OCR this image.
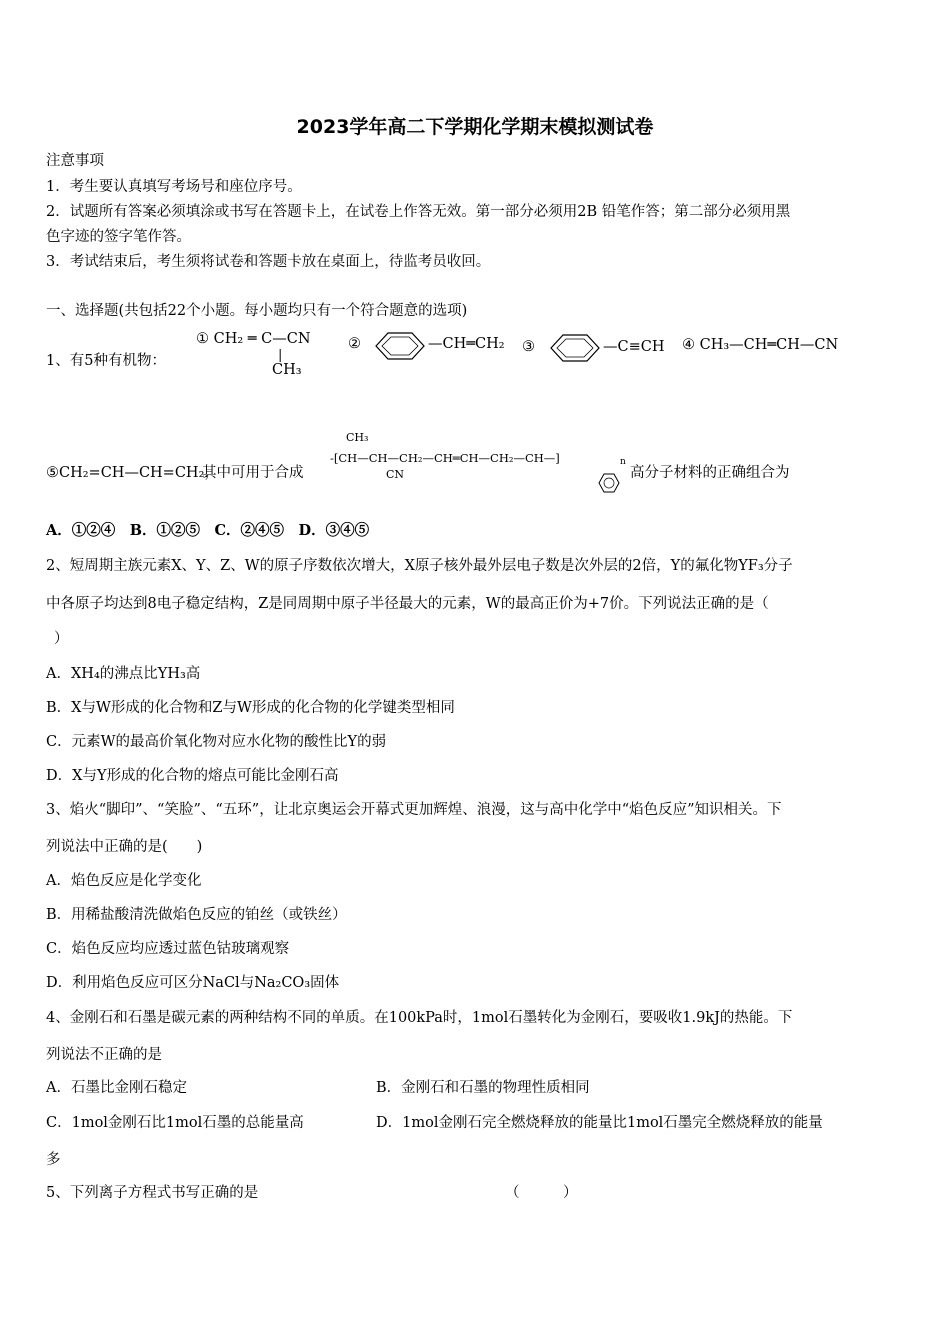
2023学年高二下学期化学期末模拟测试卷
注意事项
1．考生要认真填写考场号和座位序号。
2．试题所有答案必须填涂或书写在答题卡上，在试卷上作答无效。第一部分必须用2B 铅笔作答；第二部分必须用黑
色字迹的签字笔作答。
3．考试结束后，考生须将试卷和答题卡放在桌面上，待监考员收回。
一、选择题(共包括22个小题。每小题均只有一个符合题意的选项)
1、有5种有机物：
① CH₂ ═ C—CN
|
CH₃
②	—CH═CH₂ ③	—C≡CH ④ CH₃—CH═CH—CN
⑤CH₂=CH—CH=CH₂，
其中可用于合成
CH₃
-[CH—CH—CH₂—CH═CH—CH₂—CH—]	n
CN	高分子材料的正确组合为
A．①②④　B．①②⑤　C．②④⑤　D．③④⑤
2、短周期主族元素X、Y、Z、W的原子序数依次增大，X原子核外最外层电子数是次外层的2倍，Y的氟化物YF₃分子
中各原子均达到8电子稳定结构，Z是同周期中原子半径最大的元素，W的最高正价为+7价。下列说法正确的是（
）
A．XH₄的沸点比YH₃高
B．X与W形成的化合物和Z与W形成的化合物的化学键类型相同
C．元素W的最高价氧化物对应水化物的酸性比Y的弱
D．X与Y形成的化合物的熔点可能比金刚石高
3、焰火“脚印”、“笑脸”、“五环”，让北京奥运会开幕式更加辉煌、浪漫，这与高中化学中“焰色反应”知识相关。下
列说法中正确的是(　　)
A．焰色反应是化学变化
B．用稀盐酸清洗做焰色反应的铂丝（或铁丝）
C．焰色反应均应透过蓝色钴玻璃观察
D．利用焰色反应可区分NaCl与Na₂CO₃固体
4、金刚石和石墨是碳元素的两种结构不同的单质。在100kPa时，1mol石墨转化为金刚石，要吸收1.9kJ的热能。下
列说法不正确的是
A．石墨比金刚石稳定	B．金刚石和石墨的物理性质相同
C．1mol金刚石比1mol石墨的总能量高	D．1mol金刚石完全燃烧释放的能量比1mol石墨完全燃烧释放的能量
多
5、下列离子方程式书写正确的是	（　　　）
